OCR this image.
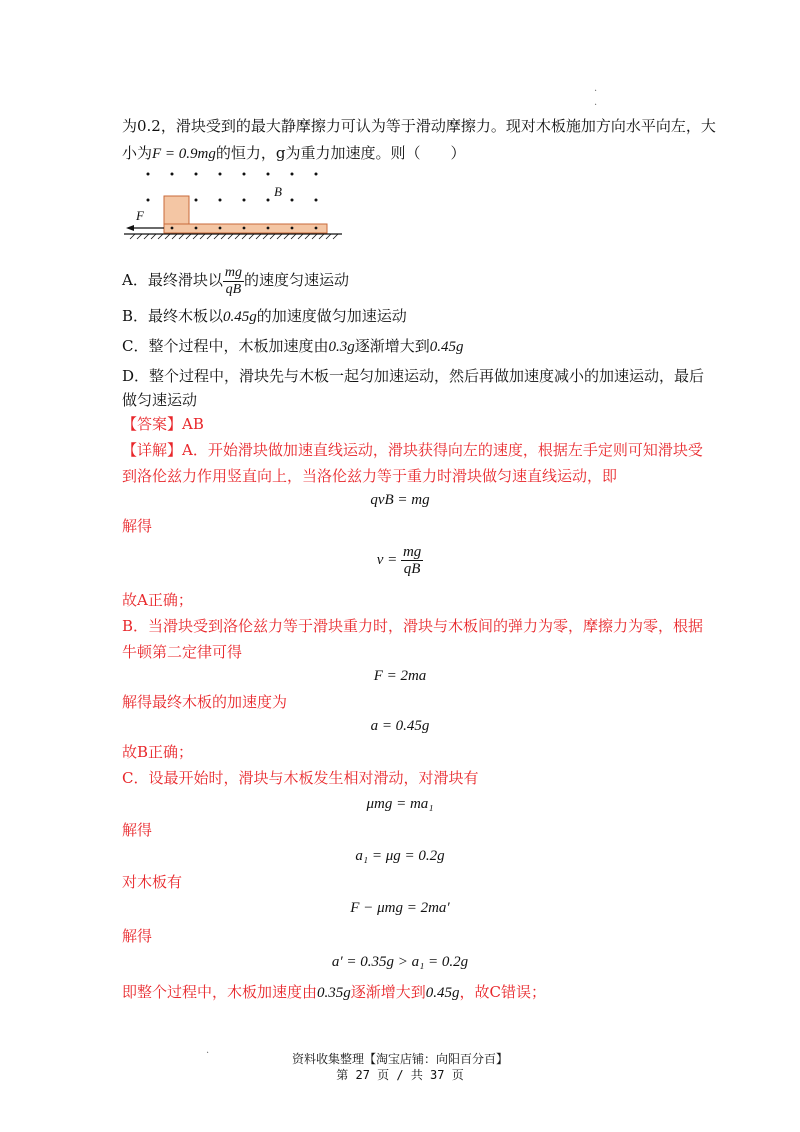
·
·
为0.2，滑块受到的最大静摩擦力可认为等于滑动摩擦力。现对木板施加方向水平向左，大
小为F = 0.9mg的恒力，g为重力加速度。则（　　）
F
B
A．最终滑块以 $\frac{mg}{qB}$ 的速度匀速运动
B．最终木板以0.45g的加速度做匀加速运动
C．整个过程中，木板加速度由0.3g逐渐增大到0.45g
D．整个过程中，滑块先与木板一起匀加速运动，然后再做加速度减小的加速运动，最后
做匀速运动
【答案】AB
【详解】A．开始滑块做加速直线运动，滑块获得向左的速度，根据左手定则可知滑块受
到洛伦兹力作用竖直向上，当洛伦兹力等于重力时滑块做匀速直线运动，即
qvB = mg
解得
$v = \frac{mg}{qB}$
故A正确；
B．当滑块受到洛伦兹力等于滑块重力时，滑块与木板间的弹力为零，摩擦力为零，根据
牛顿第二定律可得
F = 2ma
解得最终木板的加速度为
a = 0.45g
故B正确；
C．设最开始时，滑块与木板发生相对滑动，对滑块有
μmg = ma₁
解得
a₁ = μg = 0.2g
对木板有
F − μmg = 2ma′
解得
a′ = 0.35g > a₁ = 0.2g
即整个过程中，木板加速度由0.35g逐渐增大到0.45g，故C错误；
·	资料收集整理【淘宝店铺：向阳百分百】
第 27 页 / 共 37 页
